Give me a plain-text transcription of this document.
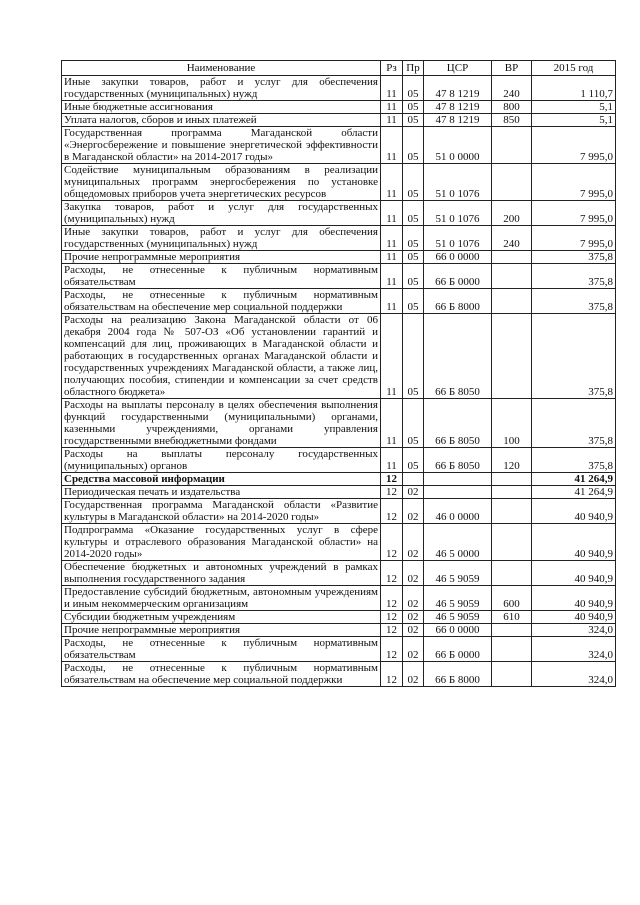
Наименование	Рз	Пр	ЦСР	ВР	2015 год
Иные закупки товаров, работ и услуг для обеспечения государственных (муниципальных) нужд	11	05	47 8 1219	240	1 110,7
Иные бюджетные ассигнования	11	05	47 8 1219	800	5,1
Уплата налогов, сборов и иных платежей	11	05	47 8 1219	850	5,1
Государственная программа Магаданской области «Энергосбережение и повышение энергетической эффективности в Магаданской области» на 2014-2017 годы»	11	05	51 0 0000		7 995,0
Содействие муниципальным образованиям в реализации муниципальных программ энергосбережения по установке общедомовых приборов учета энергетических ресурсов	11	05	51 0 1076		7 995,0
Закупка товаров, работ и услуг для государственных (муниципальных) нужд	11	05	51 0 1076	200	7 995,0
Иные закупки товаров, работ и услуг для обеспечения государственных (муниципальных) нужд	11	05	51 0 1076	240	7 995,0
Прочие непрограммные мероприятия	11	05	66 0 0000		375,8
Расходы, не отнесенные к публичным нормативным обязательствам	11	05	66 Б 0000		375,8
Расходы, не отнесенные к публичным нормативным обязательствам на обеспечение мер социальной поддержки	11	05	66 Б 8000		375,8
Расходы на реализацию Закона Магаданской области от 06 декабря 2004 года № 507-ОЗ «Об установлении гарантий и компенсаций для лиц, проживающих в Магаданской области и работающих в государственных органах Магаданской области и государственных учреждениях Магаданской области, а также лиц, получающих пособия, стипендии и компенсации за счет средств областного бюджета»	11	05	66 Б 8050		375,8
Расходы на выплаты персоналу в целях обеспечения выполнения функций государственными (муниципальными) органами, казенными учреждениями, органами управления государственными внебюджетными фондами	11	05	66 Б 8050	100	375,8
Расходы на выплаты персоналу государственных (муниципальных) органов	11	05	66 Б 8050	120	375,8
Средства массовой информации	12				41 264,9
Периодическая печать и издательства	12	02			41 264,9
Государственная программа Магаданской области «Развитие культуры в Магаданской области» на 2014-2020 годы»	12	02	46 0 0000		40 940,9
Подпрограмма «Оказание государственных услуг в сфере культуры и отраслевого образования Магаданской области» на 2014-2020 годы»	12	02	46 5 0000		40 940,9
Обеспечение бюджетных и автономных учреждений в рамках выполнения государственного задания	12	02	46 5 9059		40 940,9
Предоставление субсидий бюджетным, автономным учреждениям и иным некоммерческим организациям	12	02	46 5 9059	600	40 940,9
Субсидии бюджетным учреждениям	12	02	46 5 9059	610	40 940,9
Прочие непрограммные мероприятия	12	02	66 0 0000		324,0
Расходы, не отнесенные к публичным нормативным обязательствам	12	02	66 Б 0000		324,0
Расходы, не отнесенные к публичным нормативным обязательствам на обеспечение мер социальной поддержки	12	02	66 Б 8000		324,0
